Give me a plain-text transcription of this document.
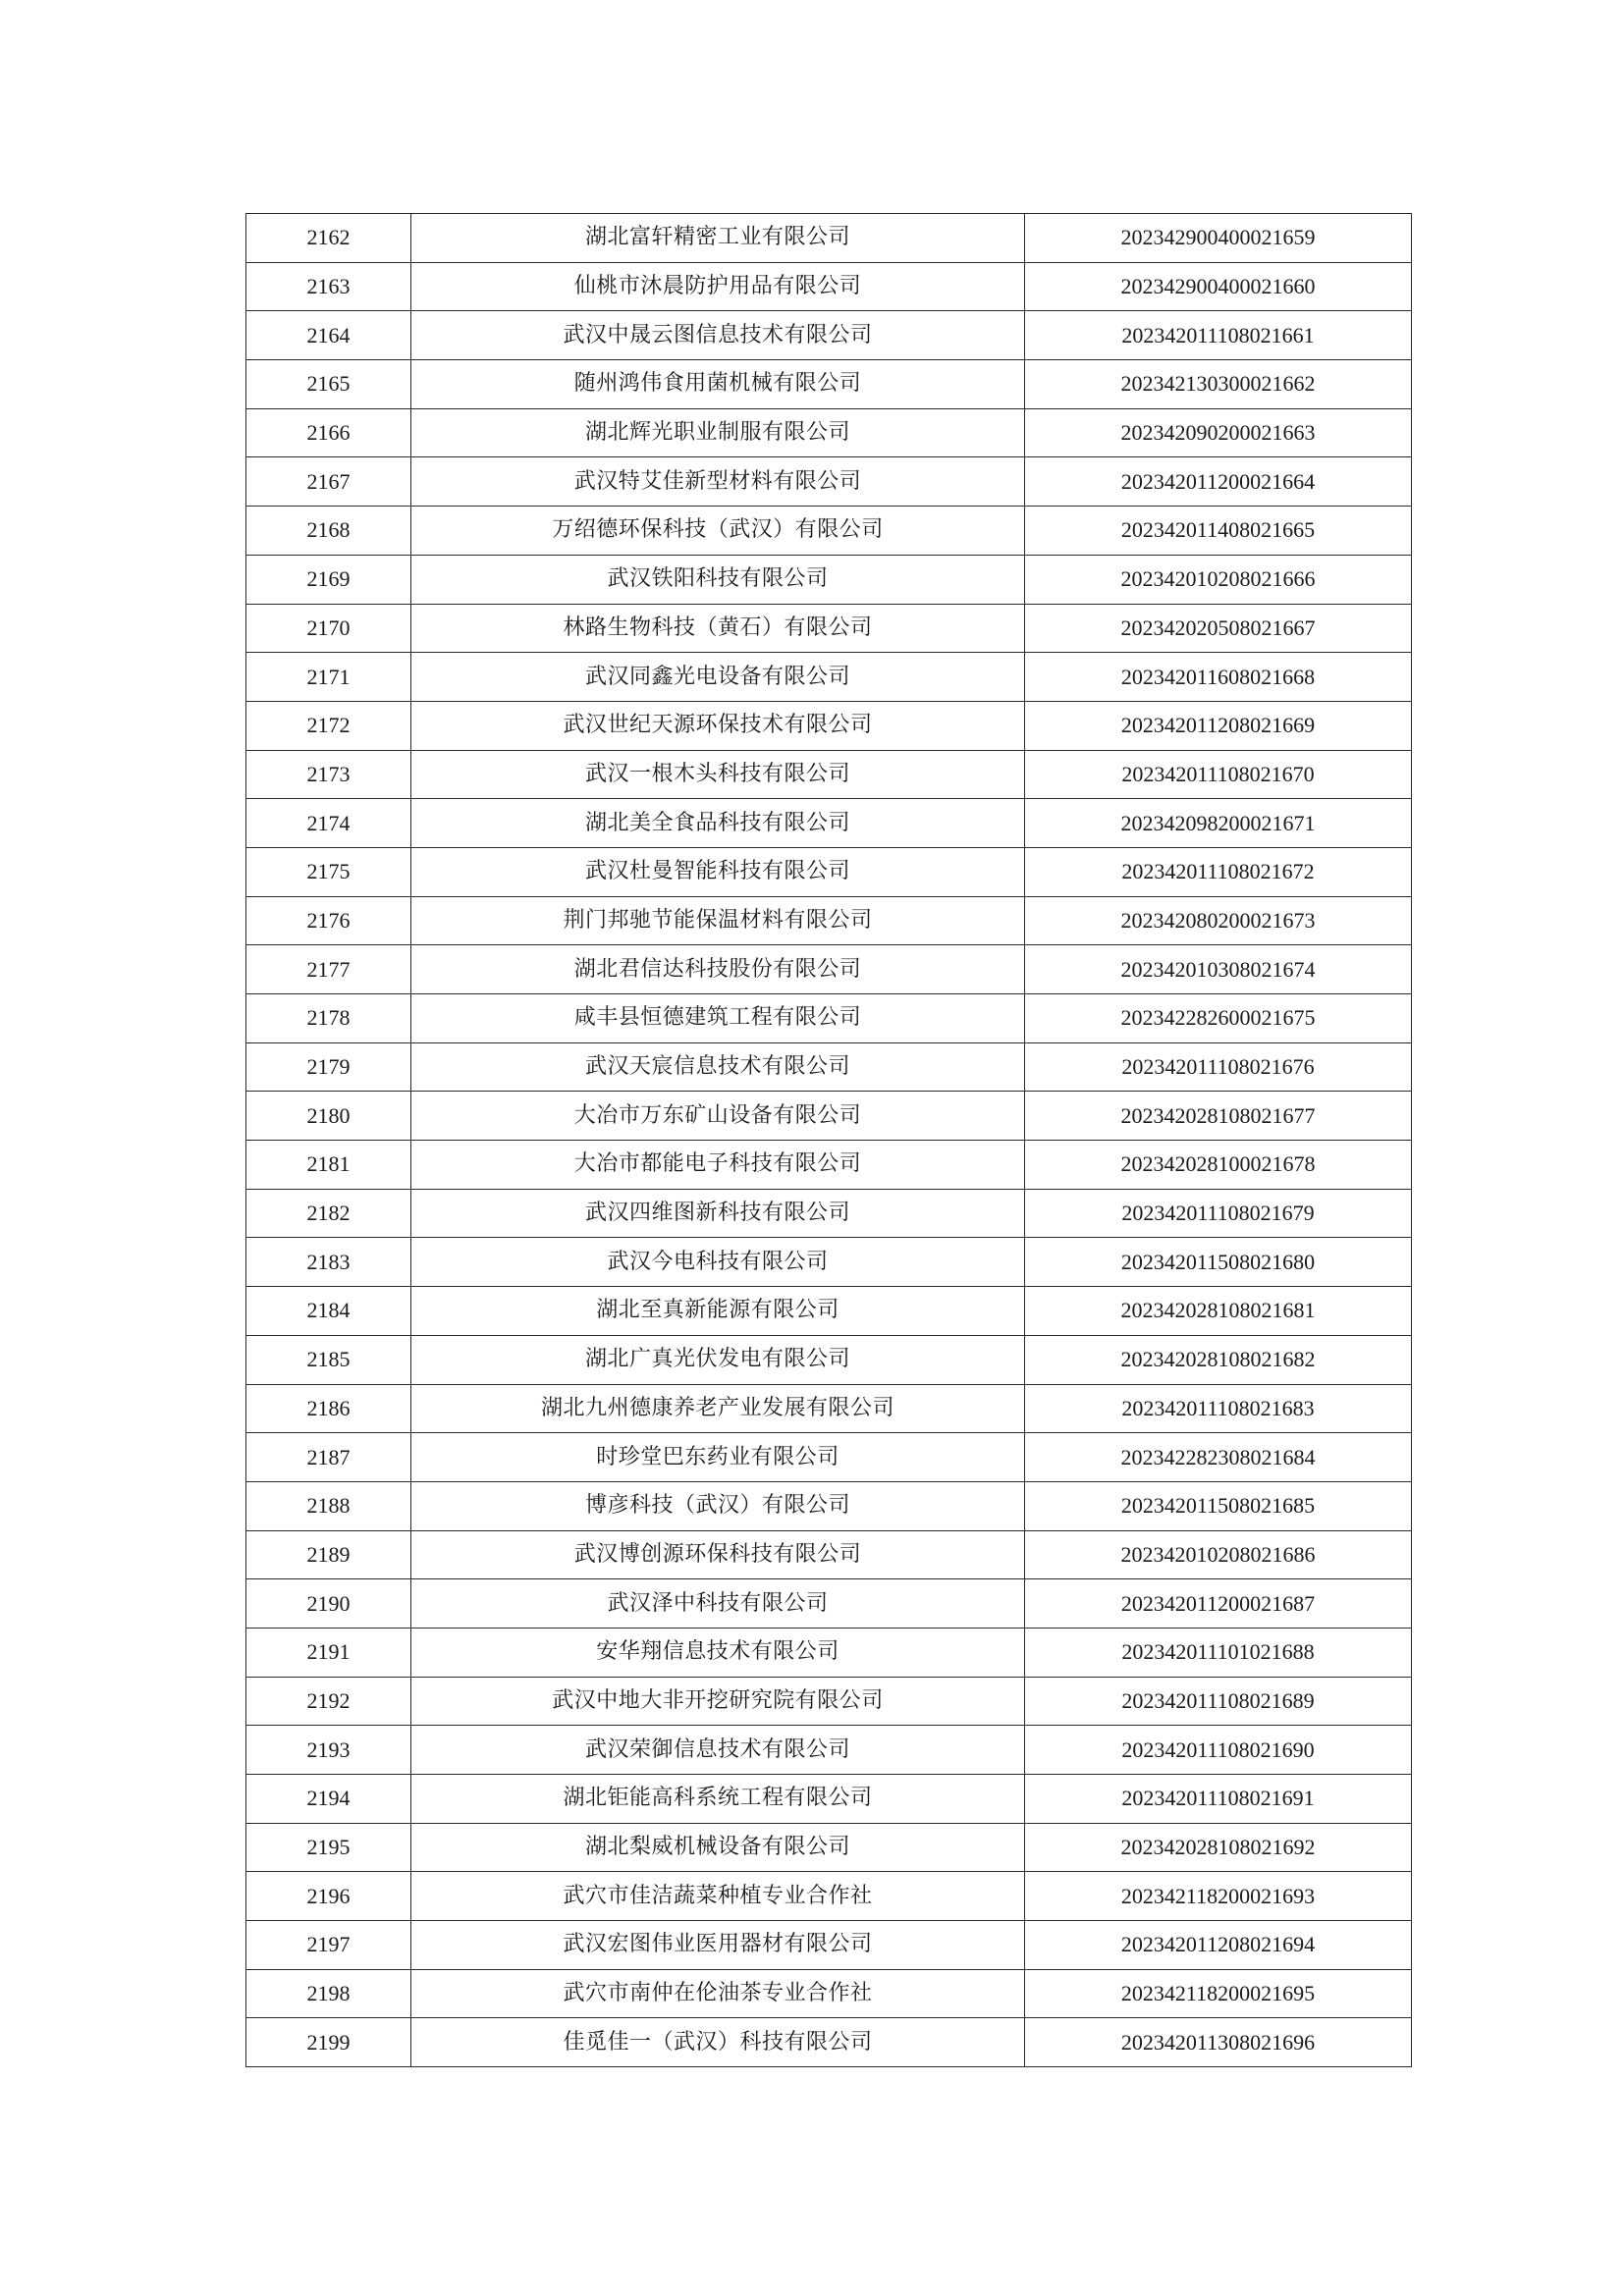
2162	湖北富轩精密工业有限公司	202342900400021659
2163	仙桃市沐晨防护用品有限公司	202342900400021660
2164	武汉中晟云图信息技术有限公司	202342011108021661
2165	随州鸿伟食用菌机械有限公司	202342130300021662
2166	湖北辉光职业制服有限公司	202342090200021663
2167	武汉特艾佳新型材料有限公司	202342011200021664
2168	万绍德环保科技（武汉）有限公司	202342011408021665
2169	武汉铁阳科技有限公司	202342010208021666
2170	林路生物科技（黄石）有限公司	202342020508021667
2171	武汉同鑫光电设备有限公司	202342011608021668
2172	武汉世纪天源环保技术有限公司	202342011208021669
2173	武汉一根木头科技有限公司	202342011108021670
2174	湖北美全食品科技有限公司	202342098200021671
2175	武汉杜曼智能科技有限公司	202342011108021672
2176	荆门邦驰节能保温材料有限公司	202342080200021673
2177	湖北君信达科技股份有限公司	202342010308021674
2178	咸丰县恒德建筑工程有限公司	202342282600021675
2179	武汉天宸信息技术有限公司	202342011108021676
2180	大冶市万东矿山设备有限公司	202342028108021677
2181	大冶市都能电子科技有限公司	202342028100021678
2182	武汉四维图新科技有限公司	202342011108021679
2183	武汉今电科技有限公司	202342011508021680
2184	湖北至真新能源有限公司	202342028108021681
2185	湖北广真光伏发电有限公司	202342028108021682
2186	湖北九州德康养老产业发展有限公司	202342011108021683
2187	时珍堂巴东药业有限公司	202342282308021684
2188	博彦科技（武汉）有限公司	202342011508021685
2189	武汉博创源环保科技有限公司	202342010208021686
2190	武汉泽中科技有限公司	202342011200021687
2191	安华翔信息技术有限公司	202342011101021688
2192	武汉中地大非开挖研究院有限公司	202342011108021689
2193	武汉荣御信息技术有限公司	202342011108021690
2194	湖北钜能高科系统工程有限公司	202342011108021691
2195	湖北梨威机械设备有限公司	202342028108021692
2196	武穴市佳洁蔬菜种植专业合作社	202342118200021693
2197	武汉宏图伟业医用器材有限公司	202342011208021694
2198	武穴市南仲在伦油茶专业合作社	202342118200021695
2199	佳觅佳一（武汉）科技有限公司	202342011308021696
